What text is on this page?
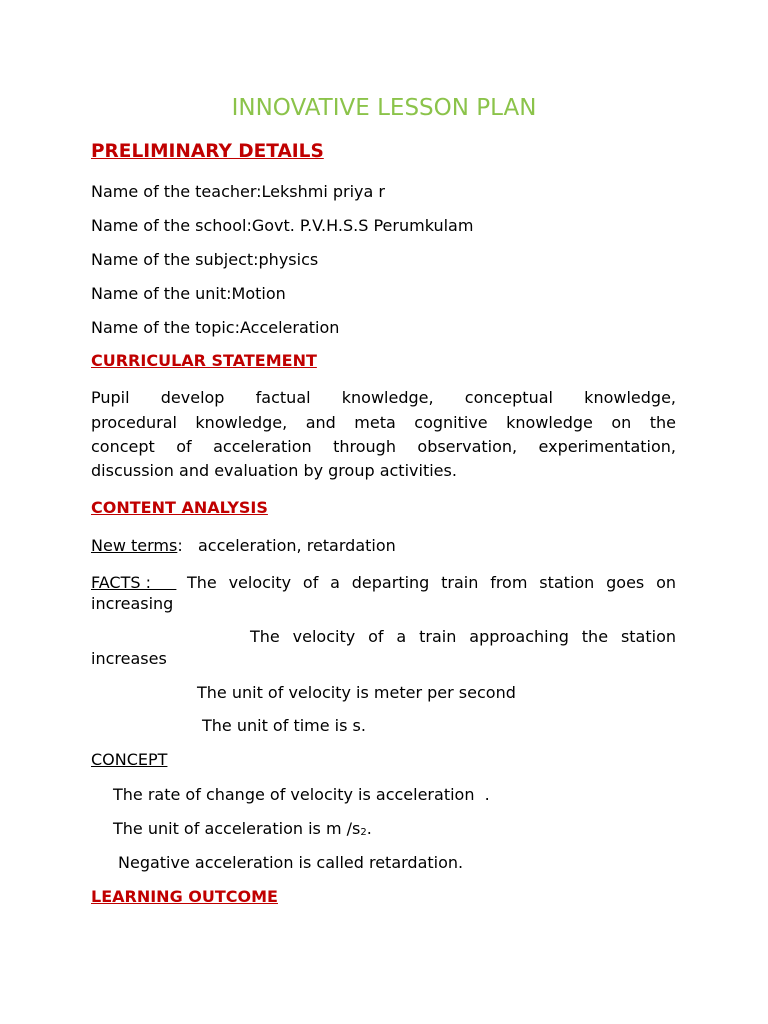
INNOVATIVE LESSON PLAN
PRELIMINARY DETAILS
Name of the teacher:Lekshmi priya r
Name of the school:Govt. P.V.H.S.S Perumkulam
Name of the subject:physics
Name of the unit:Motion
Name of the topic:Acceleration
CURRICULAR STATEMENT
Pupil develop factual knowledge, conceptual knowledge,
procedural knowledge, and meta cognitive knowledge on the
concept of acceleration through observation, experimentation,
discussion and evaluation by group activities.
CONTENT ANALYSIS
New terms:   acceleration, retardation
FACTS : The velocity of a departing train from station goes on
increasing
The velocity of a train approaching the station
increases
The unit of velocity is meter per second
The unit of time is s.
CONCEPT
The rate of change of velocity is acceleration  .
The unit of acceleration is m $/s_2$.
Negative acceleration is called retardation.
LEARNING OUTCOME
